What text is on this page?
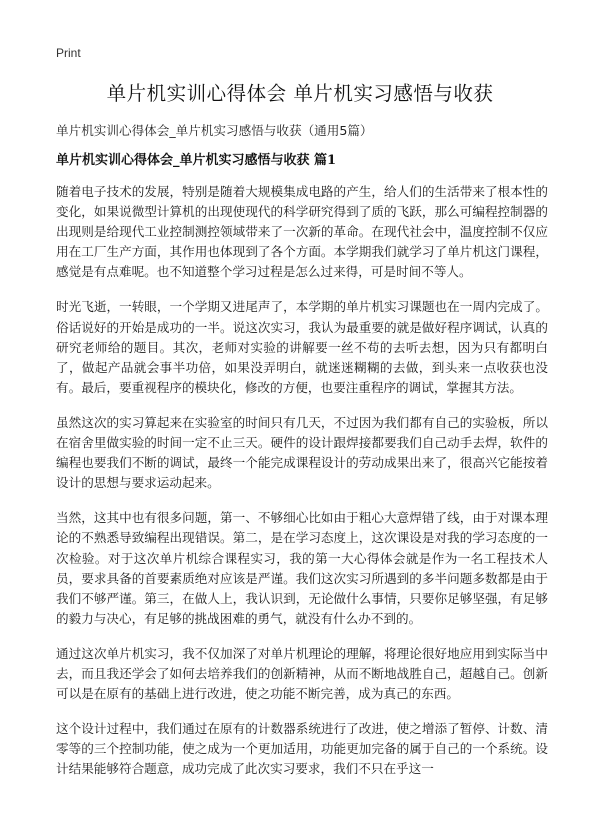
Print
单片机实训心得体会 单片机实习感悟与收获
单片机实训心得体会_单片机实习感悟与收获（通用5篇）
单片机实训心得体会_单片机实习感悟与收获 篇1

随着电子技术的发展，特别是随着大规模集成电路的产生，给人们的生活带来了根本性的变化，如果说微型计算机的出现使现代的科学研究得到了质的飞跃，那么可编程控制器的出现则是给现代工业控制测控领域带来了一次新的革命。在现代社会中，温度控制不仅应用在工厂生产方面，其作用也体现到了各个方面。本学期我们就学习了单片机这门课程，感觉是有点难呢。也不知道整个学习过程是怎么过来得，可是时间不等人。

时光飞逝，一转眼，一个学期又进尾声了，本学期的单片机实习课题也在一周内完成了。俗话说好的开始是成功的一半。说这次实习，我认为最重要的就是做好程序调试，认真的研究老师给的题目。其次，老师对实验的讲解要一丝不苟的去听去想，因为只有都明白了，做起产品就会事半功倍，如果没弄明白，就迷迷糊糊的去做，到头来一点收获也没有。最后，要重视程序的模块化，修改的方便，也要注重程序的调试，掌握其方法。

虽然这次的实习算起来在实验室的时间只有几天，不过因为我们都有自己的实验板，所以在宿舍里做实验的时间一定不止三天。硬件的设计跟焊接都要我们自己动手去焊，软件的编程也要我们不断的调试，最终一个能完成课程设计的劳动成果出来了，很高兴它能按着设计的思想与要求运动起来。

当然，这其中也有很多问题，第一、不够细心比如由于粗心大意焊错了线，由于对课本理论的不熟悉导致编程出现错误。第二，是在学习态度上，这次课设是对我的学习态度的一次检验。对于这次单片机综合课程实习，我的第一大心得体会就是作为一名工程技术人员，要求具备的首要素质绝对应该是严谨。我们这次实习所遇到的多半问题多数都是由于我们不够严谨。第三，在做人上，我认识到，无论做什么事情，只要你足够坚强，有足够的毅力与决心，有足够的挑战困难的勇气，就没有什么办不到的。

通过这次单片机实习，我不仅加深了对单片机理论的理解，将理论很好地应用到实际当中去，而且我还学会了如何去培养我们的创新精神，从而不断地战胜自己，超越自己。创新可以是在原有的基础上进行改进，使之功能不断完善，成为真己的东西。

这个设计过程中，我们通过在原有的计数器系统进行了改进，使之增添了暂停、计数、清零等的三个控制功能，使之成为一个更加适用，功能更加完备的属于自己的一个系统。设计结果能够符合题意，成功完成了此次实习要求，我们不只在乎这一
